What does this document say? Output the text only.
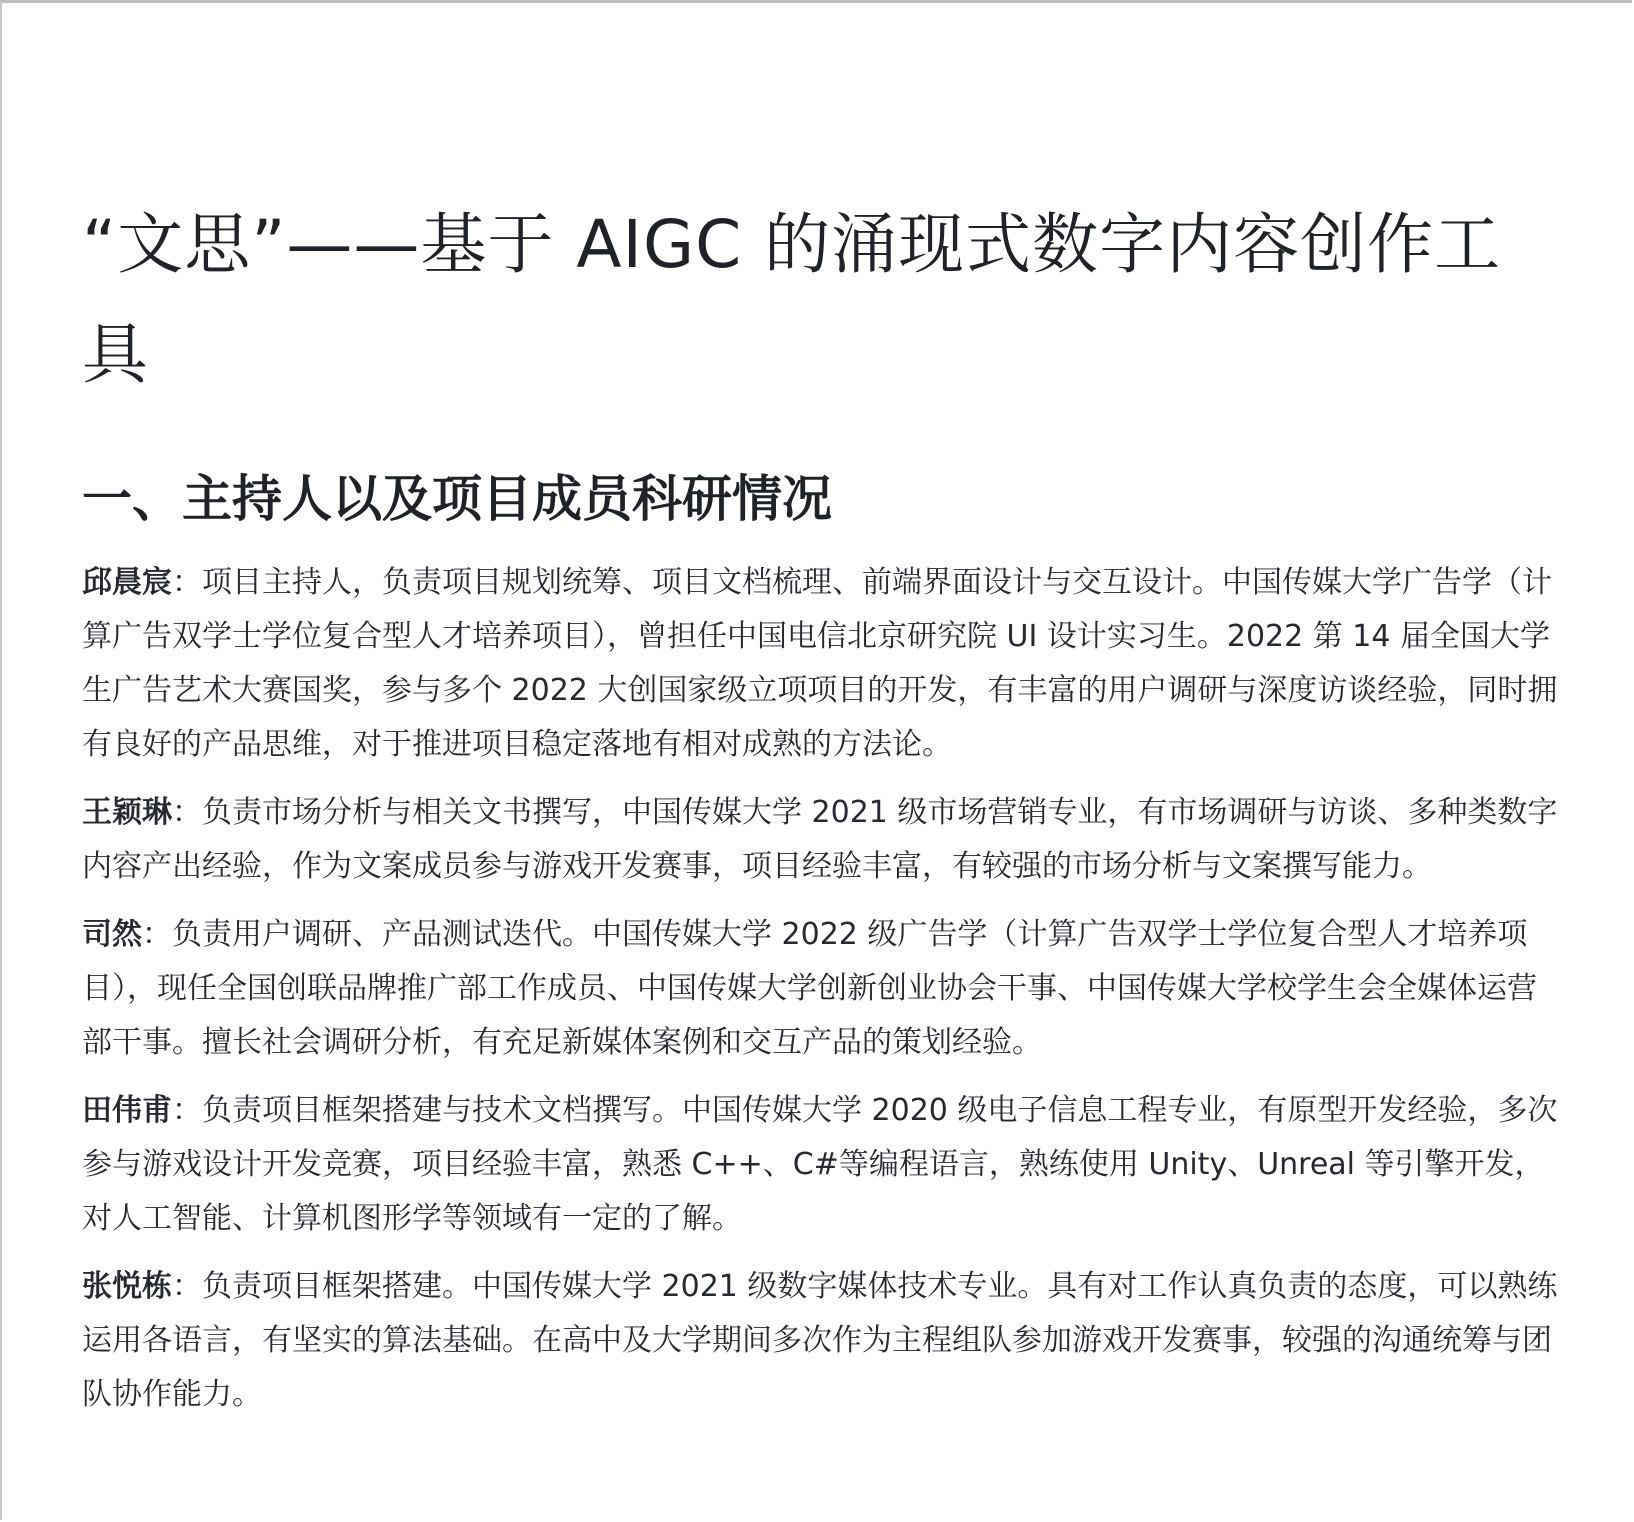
“文思”——基于 AIGC 的涌现式数字内容创作工具
一、主持人以及项目成员科研情况

邱晨宸：项目主持人，负责项目规划统筹、项目文档梳理、前端界面设计与交互设计。中国传媒大学广告学（计算广告双学士学位复合型人才培养项目），曾担任中国电信北京研究院 UI 设计实习生。2022 第 14 届全国大学生广告艺术大赛国奖，参与多个 2022 大创国家级立项项目的开发，有丰富的用户调研与深度访谈经验，同时拥有良好的产品思维，对于推进项目稳定落地有相对成熟的方法论。

王颖琳：负责市场分析与相关文书撰写，中国传媒大学 2021 级市场营销专业，有市场调研与访谈、多种类数字内容产出经验，作为文案成员参与游戏开发赛事，项目经验丰富，有较强的市场分析与文案撰写能力。

司然：负责用户调研、产品测试迭代。中国传媒大学 2022 级广告学（计算广告双学士学位复合型人才培养项目），现任全国创联品牌推广部工作成员、中国传媒大学创新创业协会干事、中国传媒大学校学生会全媒体运营部干事。擅长社会调研分析，有充足新媒体案例和交互产品的策划经验。

田伟甫：负责项目框架搭建与技术文档撰写。中国传媒大学 2020 级电子信息工程专业，有原型开发经验，多次参与游戏设计开发竞赛，项目经验丰富，熟悉 C++、C#等编程语言，熟练使用 Unity、Unreal 等引擎开发，对人工智能、计算机图形学等领域有一定的了解。

张悦栋：负责项目框架搭建。中国传媒大学 2021 级数字媒体技术专业。具有对工作认真负责的态度，可以熟练运用各语言，有坚实的算法基础。在高中及大学期间多次作为主程组队参加游戏开发赛事，较强的沟通统筹与团队协作能力。
